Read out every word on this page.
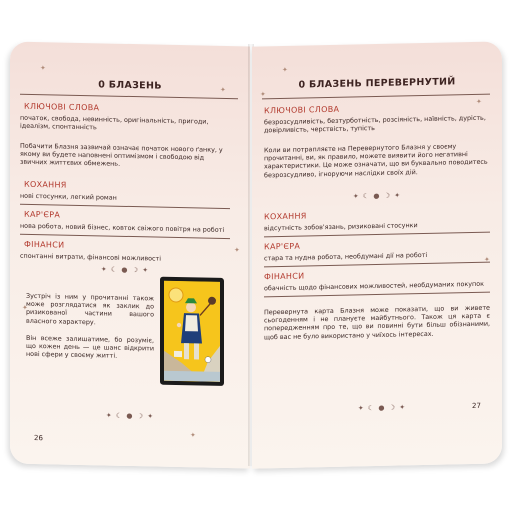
✦
✦
✦
✦
0 БЛАЗЕНЬ
КЛЮЧОВІ СЛОВА
початок, свобода, невинність, оригінальність, пригоди, ідеалізм, спонтанність
Побачити Блазня зазвичай означає початок нового ґанку, у якому ви будете наповнені оптимізмом і свободою від звичних життєвих обмежень.
КОХАННЯ
нові стосунки, легкий роман
КАР'ЄРА
нова робота, новий бізнес, ковток свіжого повітря на роботі
ФІНАНСИ
спонтанні витрати, фінансові можливості
✦ ☾ ● ☽ ✦
Зустріч із ним у прочитанні також може розглядатися як заклик до ризикованої частини вашого власного характеру.
Він всеже залишатиме, бо розуміє, що кожен день — це шанс відкрити нові сфери у своєму житті.
✦ ☾ ● ☽ ✦
✦
26
✦
✦
✦
✦
0 БЛАЗЕНЬ ПЕРЕВЕРНУТИЙ
КЛЮЧОВІ СЛОВА
безрозсудливість, безтурботність, розсіяність, наївність, дурість, довірливість, черствість, тупість
Коли ви потрапляєте на Перевернутого Блазня у своєму прочитанні, ви, як правило, можете виявити його негативні характеристики. Це може означати, що ви буквально поводитесь безрозсудливо, ігноруючи наслідки своїх дій.
✦ ☾ ● ☽ ✦
КОХАННЯ
відсутність зобов'язань, ризиковані стосунки
КАР'ЄРА
стара та нудна робота, необдумані дії на роботі
ФІНАНСИ
обачність щодо фінансових можливостей, необдуманих покупок
Перевернута карта Блазня може показати, що ви живете сьогоденням і не плануєте майбутнього. Також ця карта є попередженням про те, що ви повинні бути більш обізнаними, щоб вас не було використано у чиїхось інтересах.
✦ ☾ ● ☽ ✦	27
